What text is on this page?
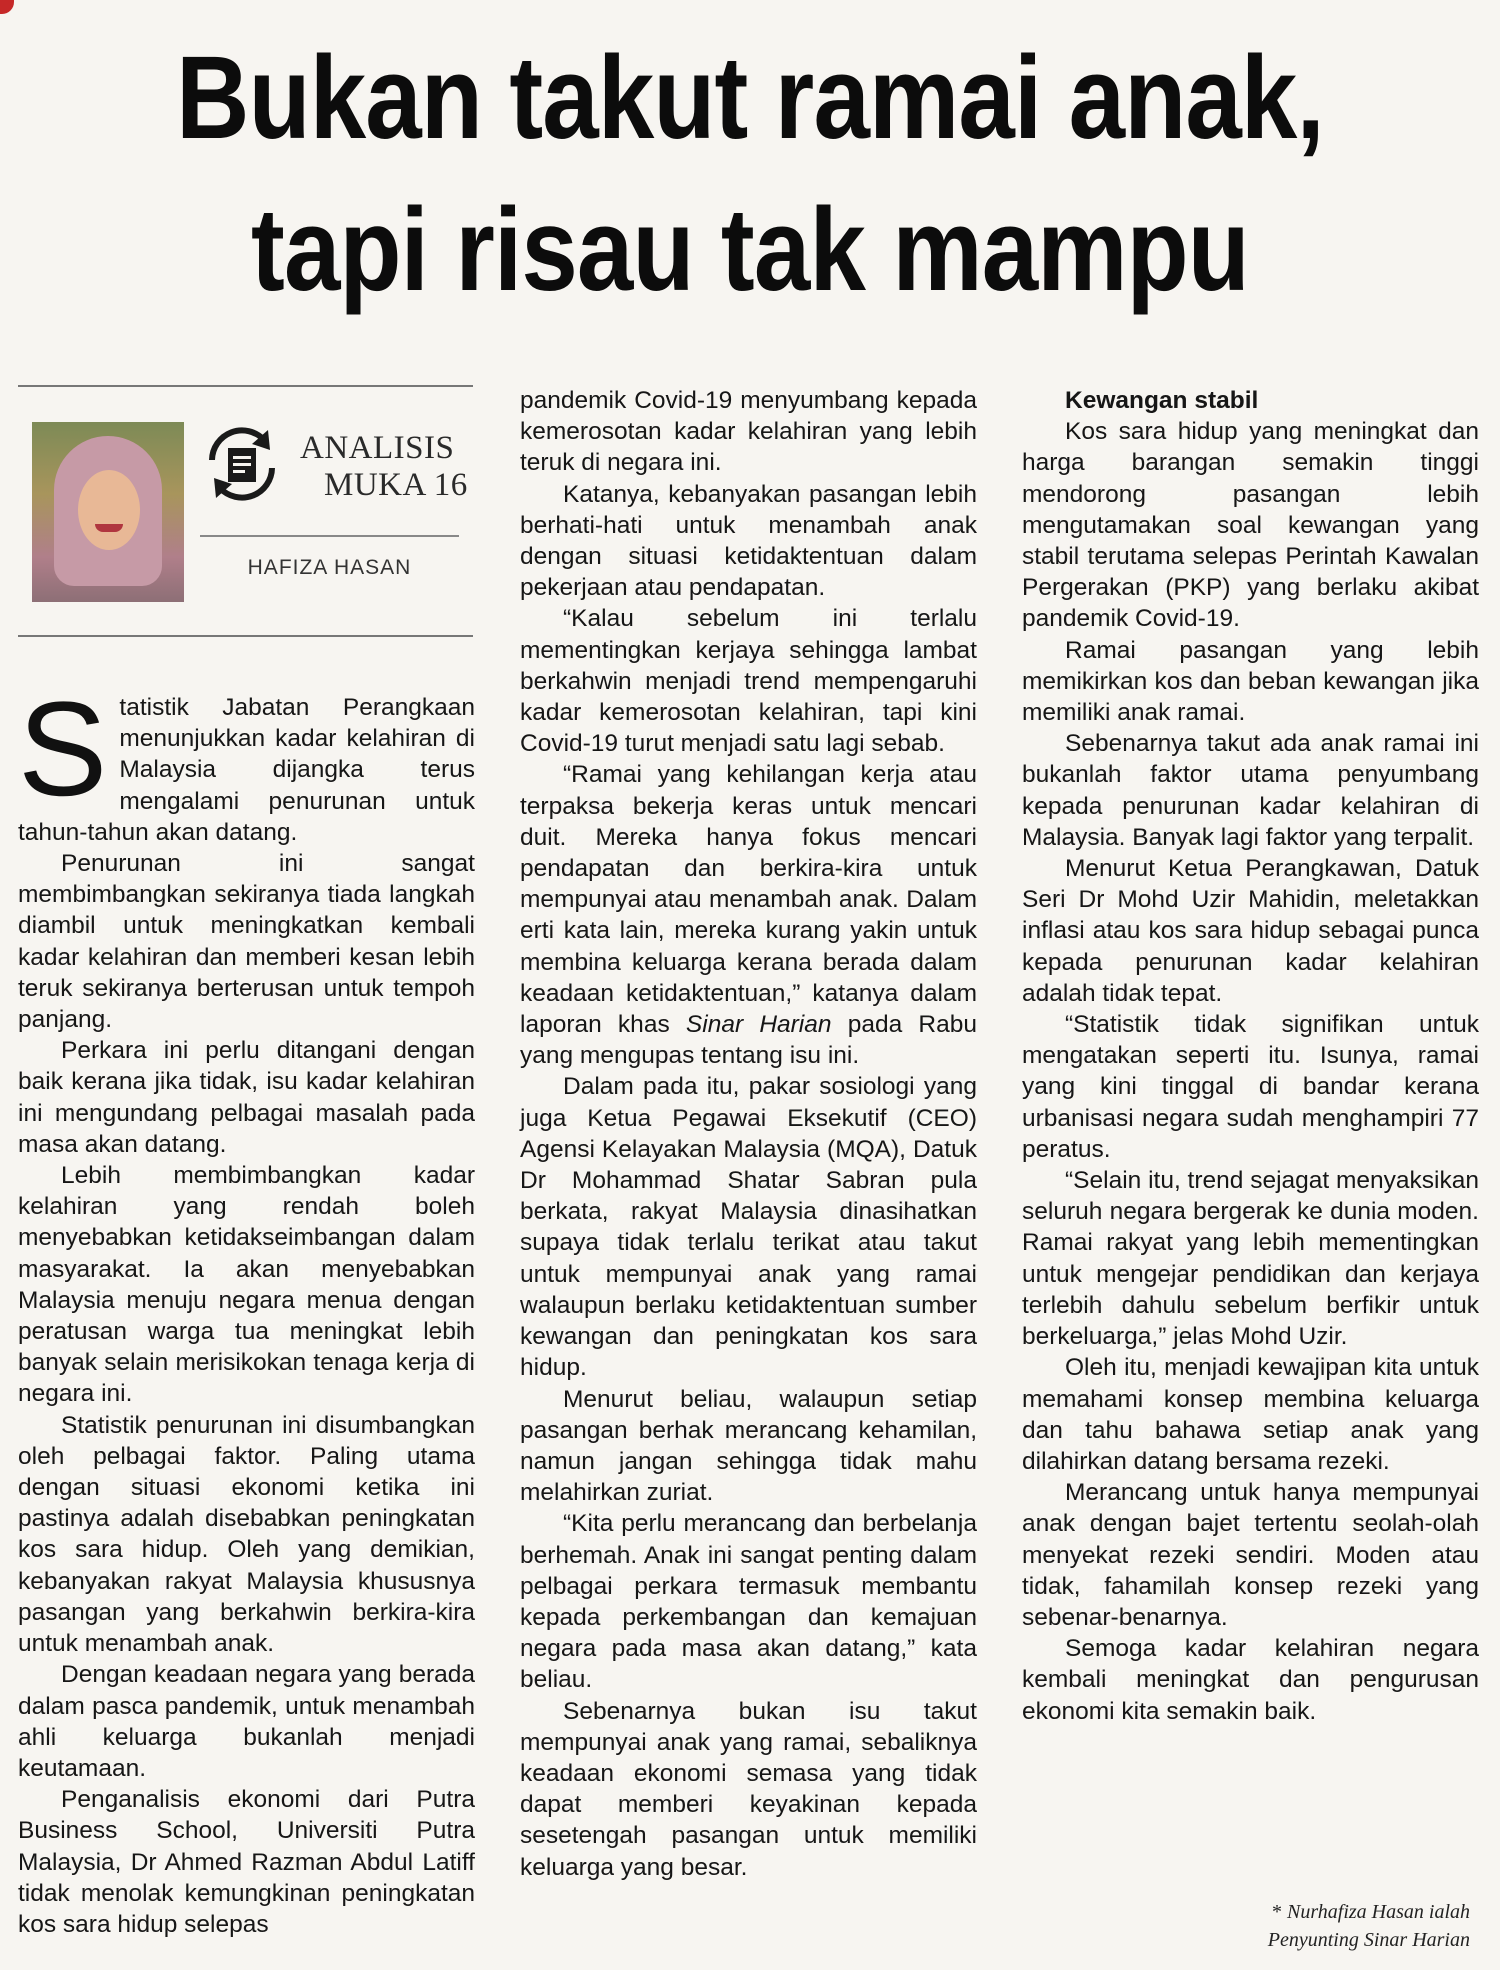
Bukan takut ramai anak,
tapi risau tak mampu
ANALISIS
MUKA 16
HAFIZA HASAN

Statistik Jabatan Perangkaan menunjukkan kadar kelahiran di Malaysia dijangka terus mengalami penurunan untuk tahun-tahun akan datang.

Penurunan ini sangat membimbangkan sekiranya tiada langkah diambil untuk meningkatkan kembali kadar kelahiran dan memberi kesan lebih teruk sekiranya berterusan untuk tempoh panjang.

Perkara ini perlu ditangani dengan baik kerana jika tidak, isu kadar kelahiran ini mengundang pelbagai masalah pada masa akan datang.

Lebih membimbangkan kadar kelahiran yang rendah boleh menyebabkan ketidakseimbangan dalam masyarakat. Ia akan menyebabkan Malaysia menuju negara menua dengan peratusan warga tua meningkat lebih banyak selain merisikokan tenaga kerja di negara ini.

Statistik penurunan ini disumbangkan oleh pelbagai faktor. Paling utama dengan situasi ekonomi ketika ini pastinya adalah disebabkan peningkatan kos sara hidup. Oleh yang demikian, kebanyakan rakyat Malaysia khususnya pasangan yang berkahwin berkira-kira untuk menambah anak.

Dengan keadaan negara yang berada dalam pasca pandemik, untuk menambah ahli keluarga bukanlah menjadi keutamaan.

Penganalisis ekonomi dari Putra Business School, Universiti Putra Malaysia, Dr Ahmed Razman Abdul Latiff tidak menolak kemungkinan peningkatan kos sara hidup selepas

pandemik Covid-19 menyumbang kepada kemerosotan kadar kelahiran yang lebih teruk di negara ini.

Katanya, kebanyakan pasangan lebih berhati-hati untuk menambah anak dengan situasi ketidaktentuan dalam pekerjaan atau pendapatan.

“Kalau sebelum ini terlalu mementingkan kerjaya sehingga lambat berkahwin menjadi trend mempengaruhi kadar kemerosotan kelahiran, tapi kini Covid-19 turut menjadi satu lagi sebab.

“Ramai yang kehilangan kerja atau terpaksa bekerja keras untuk mencari duit. Mereka hanya fokus mencari pendapatan dan berkira-kira untuk mempunyai atau menambah anak. Dalam erti kata lain, mereka kurang yakin untuk membina keluarga kerana berada dalam keadaan ketidaktentuan,” katanya dalam laporan khas Sinar Harian pada Rabu yang mengupas tentang isu ini.

Dalam pada itu, pakar sosiologi yang juga Ketua Pegawai Eksekutif (CEO) Agensi Kelayakan Malaysia (MQA), Datuk Dr Mohammad Shatar Sabran pula berkata, rakyat Malaysia dinasihatkan supaya tidak terlalu terikat atau takut untuk mempunyai anak yang ramai walaupun berlaku ketidaktentuan sumber kewangan dan peningkatan kos sara hidup.

Menurut beliau, walaupun setiap pasangan berhak merancang kehamilan, namun jangan sehingga tidak mahu melahirkan zuriat.

“Kita perlu merancang dan berbelanja berhemah. Anak ini sangat penting dalam pelbagai perkara termasuk membantu kepada perkembangan dan kemajuan negara pada masa akan datang,” kata beliau.

Sebenarnya bukan isu takut mempunyai anak yang ramai, sebaliknya keadaan ekonomi semasa yang tidak dapat memberi keyakinan kepada sesetengah pasangan untuk memiliki keluarga yang besar.

Kewangan stabil

Kos sara hidup yang meningkat dan harga barangan semakin tinggi mendorong pasangan lebih mengutamakan soal kewangan yang stabil terutama selepas Perintah Kawalan Pergerakan (PKP) yang berlaku akibat pandemik Covid-19.

Ramai pasangan yang lebih memikirkan kos dan beban kewangan jika memiliki anak ramai.

Sebenarnya takut ada anak ramai ini bukanlah faktor utama penyumbang kepada penurunan kadar kelahiran di Malaysia. Banyak lagi faktor yang terpalit.

Menurut Ketua Perangkawan, Datuk Seri Dr Mohd Uzir Mahidin, meletakkan inflasi atau kos sara hidup sebagai punca kepada penurunan kadar kelahiran adalah tidak tepat.

“Statistik tidak signifikan untuk mengatakan seperti itu. Isunya, ramai yang kini tinggal di bandar kerana urbanisasi negara sudah menghampiri 77 peratus.

“Selain itu, trend sejagat menyaksikan seluruh negara bergerak ke dunia moden. Ramai rakyat yang lebih mementingkan untuk mengejar pendidikan dan kerjaya terlebih dahulu sebelum berfikir untuk berkeluarga,” jelas Mohd Uzir.

Oleh itu, menjadi kewajipan kita untuk memahami konsep membina keluarga dan tahu bahawa setiap anak yang dilahirkan datang bersama rezeki.

Merancang untuk hanya mempunyai anak dengan bajet tertentu seolah-olah menyekat rezeki sendiri. Moden atau tidak, fahamilah konsep rezeki yang sebenar-benarnya.

Semoga kadar kelahiran negara kembali meningkat dan pengurusan ekonomi kita semakin baik.

* Nurhafiza Hasan ialah
Penyunting Sinar Harian
